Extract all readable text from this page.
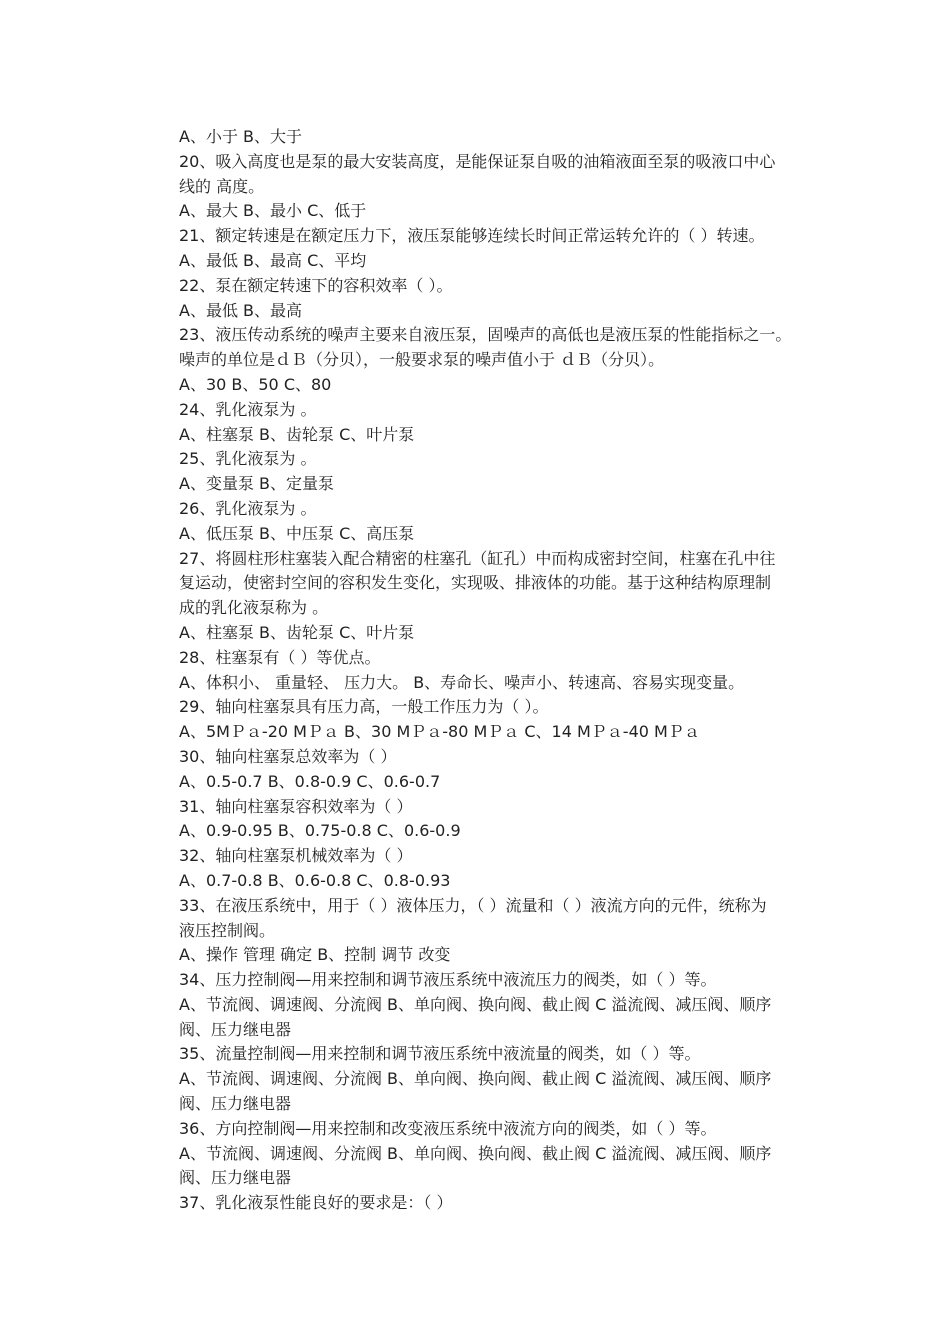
A、小于 B、大于
20、吸入高度也是泵的最大安装高度，是能保证泵自吸的油箱液面至泵的吸液口中心
线的 高度。
A、最大 B、最小 C、低于
21、额定转速是在额定压力下，液压泵能够连续长时间正常运转允许的（ ）转速。
A、最低 B、最高 C、平均
22、泵在额定转速下的容积效率（ ）。
A、最低 B、最高
23、液压传动系统的噪声主要来自液压泵，固噪声的高低也是液压泵的性能指标之一。
噪声的单位是ｄＢ（分贝），一般要求泵的噪声值小于 ｄＢ（分贝）。
A、30 B、50 C、80
24、乳化液泵为 。
A、柱塞泵 B、齿轮泵 C、叶片泵
25、乳化液泵为 。
A、变量泵 B、定量泵
26、乳化液泵为 。
A、低压泵 B、中压泵 C、高压泵
27、将圆柱形柱塞装入配合精密的柱塞孔（缸孔）中而构成密封空间，柱塞在孔中往
复运动，使密封空间的容积发生变化，实现吸、排液体的功能。基于这种结构原理制
成的乳化液泵称为 。
A、柱塞泵 B、齿轮泵 C、叶片泵
28、柱塞泵有（ ）等优点。
A、体积小、 重量轻、 压力大。 B、寿命长、噪声小、转速高、容易实现变量。
29、轴向柱塞泵具有压力高，一般工作压力为（ ）。
A、5MＰａ-20 MＰａ B、30 MＰａ-80 MＰａ C、14 MＰａ-40 MＰａ
30、轴向柱塞泵总效率为（ ）
A、0.5-0.7 B、0.8-0.9 C、0.6-0.7
31、轴向柱塞泵容积效率为（ ）
A、0.9-0.95 B、0.75-0.8 C、0.6-0.9
32、轴向柱塞泵机械效率为（ ）
A、0.7-0.8 B、0.6-0.8 C、0.8-0.93
33、在液压系统中，用于（ ）液体压力，（ ）流量和（ ）液流方向的元件，统称为
液压控制阀。
A、操作 管理 确定 B、控制 调节 改变
34、压力控制阀—用来控制和调节液压系统中液流压力的阀类，如（ ）等。
A、节流阀、调速阀、分流阀 B、单向阀、换向阀、截止阀 C 溢流阀、减压阀、顺序
阀、压力继电器
35、流量控制阀—用来控制和调节液压系统中液流量的阀类，如（ ）等。
A、节流阀、调速阀、分流阀 B、单向阀、换向阀、截止阀 C 溢流阀、减压阀、顺序
阀、压力继电器
36、方向控制阀—用来控制和改变液压系统中液流方向的阀类，如（ ）等。
A、节流阀、调速阀、分流阀 B、单向阀、换向阀、截止阀 C 溢流阀、减压阀、顺序
阀、压力继电器
37、乳化液泵性能良好的要求是：（ ）
